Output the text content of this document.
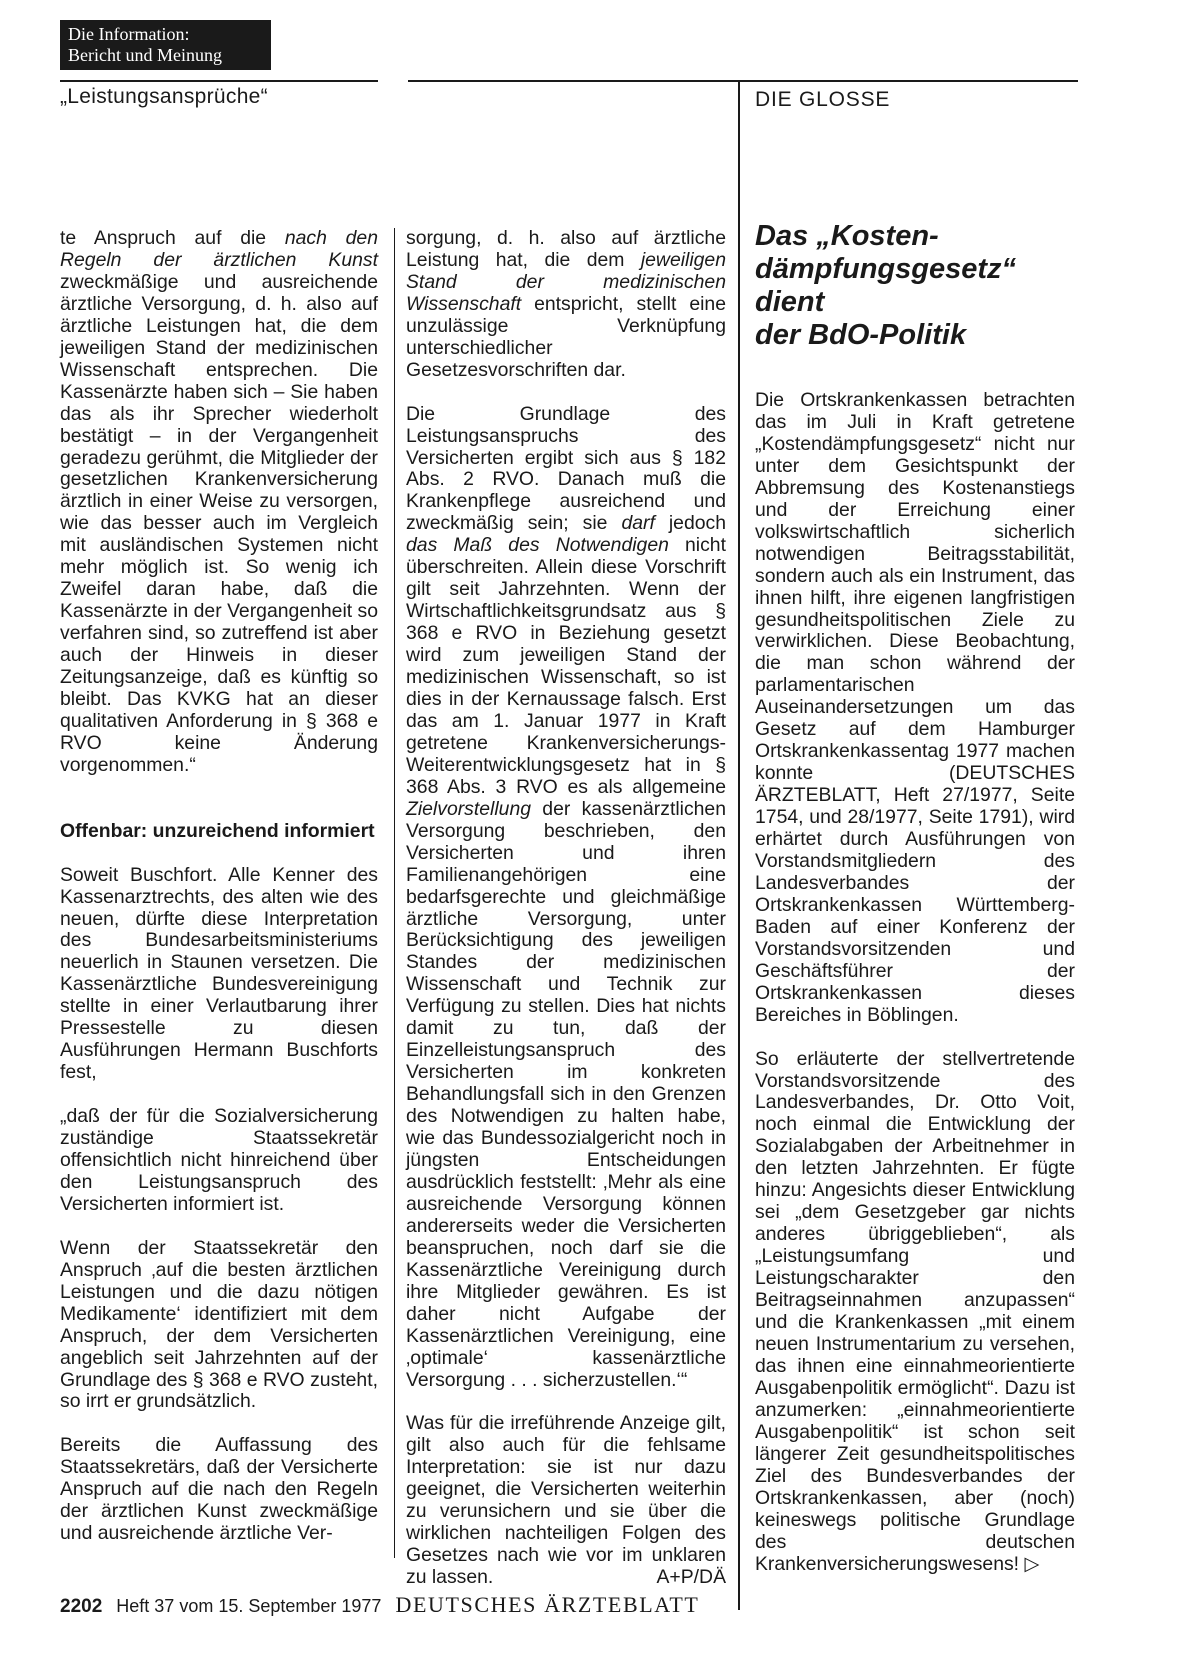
Die Information:
Bericht und Meinung
„Leistungsansprüche“	DIE GLOSSE

te Anspruch auf die nach den Regeln der ärztlichen Kunst zweckmäßige und ausreichende ärztliche Versorgung, d. h. also auf ärztliche Leistungen hat, die dem jeweiligen Stand der medizinischen Wissenschaft entsprechen. Die Kassenärzte haben sich – Sie haben das als ihr Sprecher wiederholt bestätigt – in der Vergangenheit geradezu gerühmt, die Mitglieder der gesetzlichen Krankenversicherung ärztlich in einer Weise zu versorgen, wie das besser auch im Vergleich mit ausländischen Systemen nicht mehr möglich ist. So wenig ich Zweifel daran habe, daß die Kassenärzte in der Vergangenheit so verfahren sind, so zutreffend ist aber auch der Hinweis in dieser Zeitungsanzeige, daß es künftig so bleibt. Das KVKG hat an dieser qualitativen Anforderung in § 368 e RVO keine Änderung vorgenommen.“

Offenbar: unzureichend informiert

Soweit Buschfort. Alle Kenner des Kassenarztrechts, des alten wie des neuen, dürfte diese Interpretation des Bundesarbeitsministeriums neuerlich in Staunen versetzen. Die Kassenärztliche Bundesvereinigung stellte in einer Verlautbarung ihrer Pressestelle zu diesen Ausführungen Hermann Buschforts fest,

„daß der für die Sozialversicherung zuständige Staatssekretär offensichtlich nicht hinreichend über den Leistungsanspruch des Versicherten informiert ist.

Wenn der Staatssekretär den Anspruch ‚auf die besten ärztlichen Leistungen und die dazu nötigen Medikamente‘ identifiziert mit dem Anspruch, der dem Versicherten angeblich seit Jahrzehnten auf der Grundlage des § 368 e RVO zusteht, so irrt er grundsätzlich.

Bereits die Auffassung des Staatssekretärs, daß der Versicherte Anspruch auf die nach den Regeln der ärztlichen Kunst zweckmäßige und ausreichende ärztliche Ver-

sorgung, d. h. also auf ärztliche Leistung hat, die dem jeweiligen Stand der medizinischen Wissenschaft entspricht, stellt eine unzulässige Verknüpfung unterschiedlicher Gesetzesvorschriften dar.

Die Grundlage des Leistungsanspruchs des Versicherten ergibt sich aus § 182 Abs. 2 RVO. Danach muß die Krankenpflege ausreichend und zweckmäßig sein; sie darf jedoch das Maß des Notwendigen nicht überschreiten. Allein diese Vorschrift gilt seit Jahrzehnten. Wenn der Wirtschaftlichkeitsgrundsatz aus § 368 e RVO in Beziehung gesetzt wird zum jeweiligen Stand der medizinischen Wissenschaft, so ist dies in der Kernaussage falsch. Erst das am 1. Januar 1977 in Kraft getretene Krankenversicherungs-Weiterentwicklungsgesetz hat in § 368 Abs. 3 RVO es als allgemeine Zielvorstellung der kassenärztlichen Versorgung beschrieben, den Versicherten und ihren Familienangehörigen eine bedarfsgerechte und gleichmäßige ärztliche Versorgung, unter Berücksichtigung des jeweiligen Standes der medizinischen Wissenschaft und Technik zur Verfügung zu stellen. Dies hat nichts damit zu tun, daß der Einzelleistungsanspruch des Versicherten im konkreten Behandlungsfall sich in den Grenzen des Notwendigen zu halten habe, wie das Bundessozialgericht noch in jüngsten Entscheidungen ausdrücklich feststellt: ‚Mehr als eine ausreichende Versorgung können andererseits weder die Versicherten beanspruchen, noch darf sie die Kassenärztliche Vereinigung durch ihre Mitglieder gewähren. Es ist daher nicht Aufgabe der Kassenärztlichen Vereinigung, eine ‚optimale‘ kassenärztliche Versorgung . . . sicherzustellen.‘“

Was für die irreführende Anzeige gilt, gilt also auch für die fehlsame Interpretation: sie ist nur dazu geeignet, die Versicherten weiterhin zu verunsichern und sie über die wirklichen nachteiligen Folgen des Gesetzes nach wie vor im unklaren zu lassen.	A+P/DÄ

Das „Kosten-
dämpfungsgesetz“
dient
der BdO-Politik

Die Ortskrankenkassen betrachten das im Juli in Kraft getretene „Kostendämpfungsgesetz“ nicht nur unter dem Gesichtspunkt der Abbremsung des Kostenanstiegs und der Erreichung einer volkswirtschaftlich sicherlich notwendigen Beitragsstabilität, sondern auch als ein Instrument, das ihnen hilft, ihre eigenen langfristigen gesundheitspolitischen Ziele zu verwirklichen. Diese Beobachtung, die man schon während der parlamentarischen Auseinandersetzungen um das Gesetz auf dem Hamburger Ortskrankenkassentag 1977 machen konnte (DEUTSCHES ÄRZTEBLATT, Heft 27/1977, Seite 1754, und 28/1977, Seite 1791), wird erhärtet durch Ausführungen von Vorstandsmitgliedern des Landesverbandes der Ortskrankenkassen Württemberg-Baden auf einer Konferenz der Vorstandsvorsitzenden und Geschäftsführer der Ortskrankenkassen dieses Bereiches in Böblingen.

So erläuterte der stellvertretende Vorstandsvorsitzende des Landesverbandes, Dr. Otto Voit, noch einmal die Entwicklung der Sozialabgaben der Arbeitnehmer in den letzten Jahrzehnten. Er fügte hinzu: Angesichts dieser Entwicklung sei „dem Gesetzgeber gar nichts anderes übriggeblieben“, als „Leistungsumfang und Leistungscharakter den Beitragseinnahmen anzupassen“ und die Krankenkassen „mit einem neuen Instrumentarium zu versehen, das ihnen eine einnahmeorientierte Ausgabenpolitik ermöglicht“. Dazu ist anzumerken: „einnahmeorientierte Ausgabenpolitik“ ist schon seit längerer Zeit gesundheitspolitisches Ziel des Bundesverbandes der Ortskrankenkassen, aber (noch) keineswegs politische Grundlage des deutschen Krankenversicherungswesens! ▷

2202 Heft 37 vom 15. September 1977 DEUTSCHES ÄRZTEBLATT
